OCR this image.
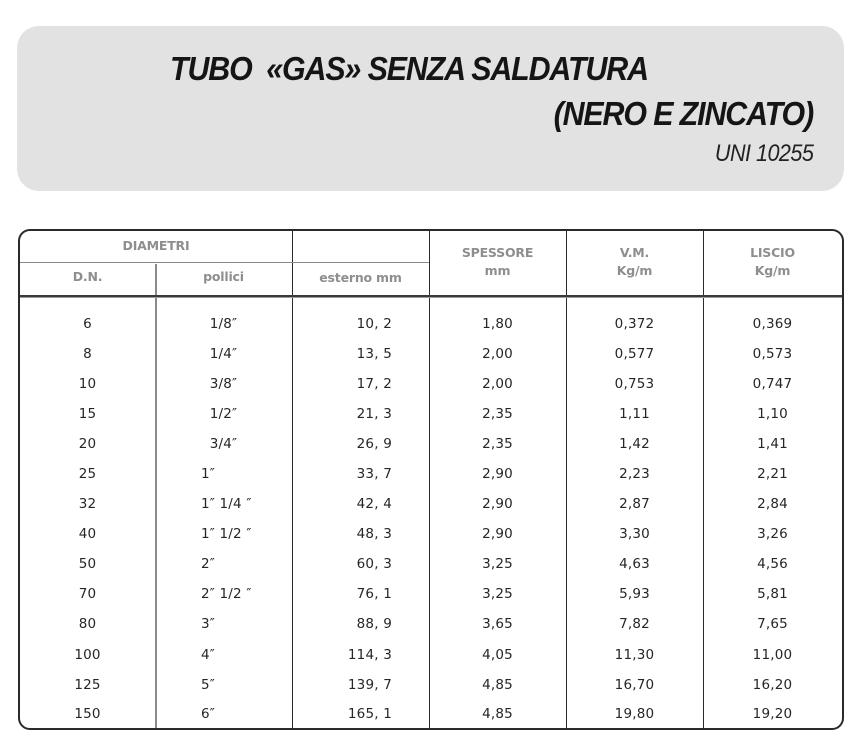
TUBO  «GAS» SENZA SALDATURA
(NERO E ZINCATO)
UNI 10255
DIAMETRI
D.N.	pollici	esterno mm
SPESSORE
mm
V.M.
Kg/m
LISCIO
Kg/m
6	1/8″	10, 2	1,80	0,372	0,369
8	1/4″	13, 5	2,00	0,577	0,573
10	3/8″	17, 2	2,00	0,753	0,747
15	1/2″	21, 3	2,35	1,11	1,10
20	3/4″	26, 9	2,35	1,42	1,41
25	1″	33, 7	2,90	2,23	2,21
32	1″ 1/4 ″	42, 4	2,90	2,87	2,84
40	1″ 1/2 ″	48, 3	2,90	3,30	3,26
50	2″	60, 3	3,25	4,63	4,56
70	2″ 1/2 ″	76, 1	3,25	5,93	5,81
80	3″	88, 9	3,65	7,82	7,65
100	4″	114, 3	4,05	11,30	11,00
125	5″	139, 7	4,85	16,70	16,20
150	6″	165, 1	4,85	19,80	19,20
